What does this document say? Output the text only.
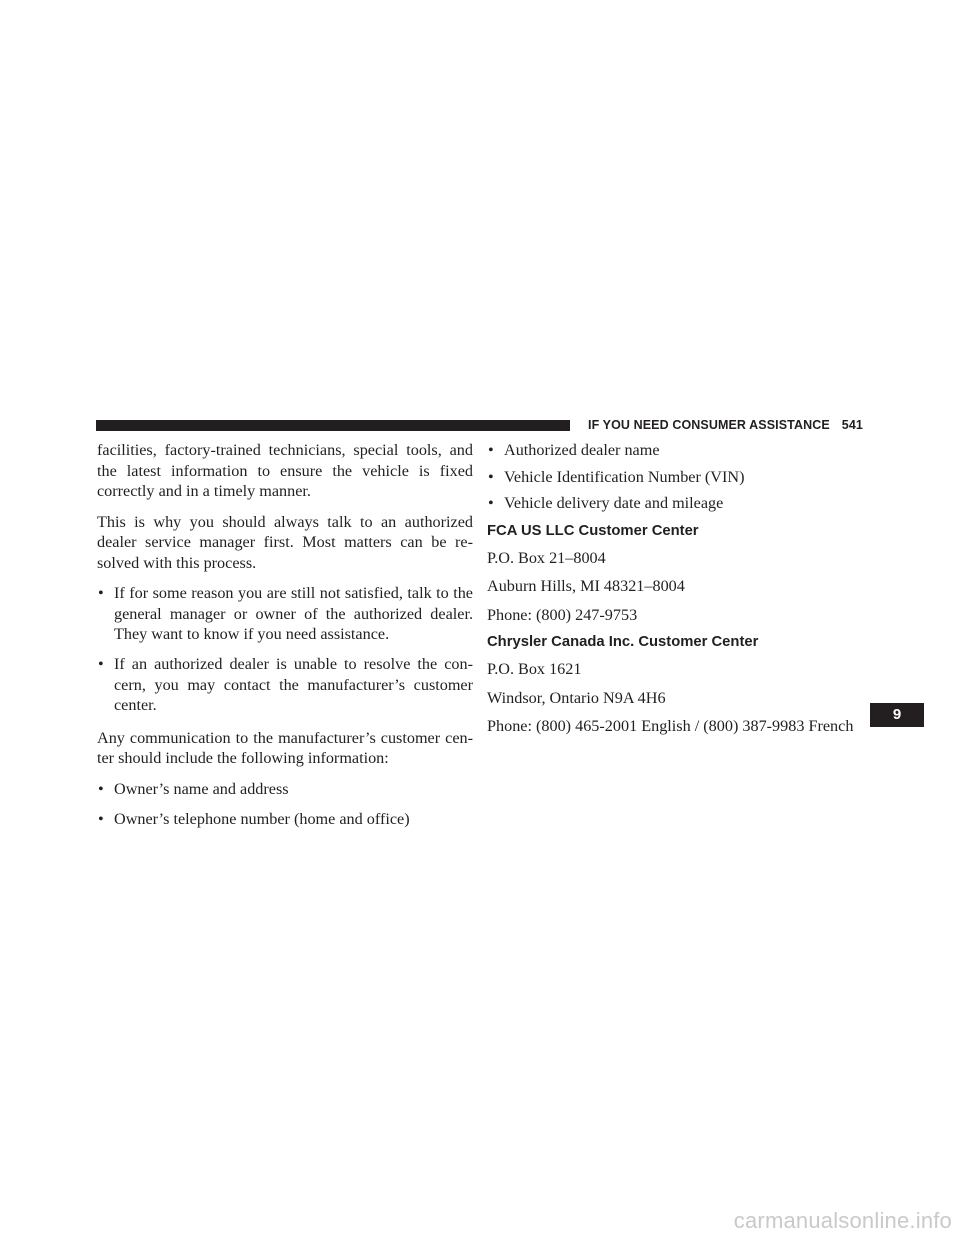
IF YOU NEED CONSUMER ASSISTANCE 541

facilities, factory-trained technicians, special tools, and the latest information to ensure the vehicle is fixed correctly and in a timely manner.

This is why you should always talk to an authorized dealer service manager first. Most matters can be re-solved with this process.

• If for some reason you are still not satisfied, talk to the general manager or owner of the authorized dealer. They want to know if you need assistance.
• If an authorized dealer is unable to resolve the con-cern, you may contact the manufacturer’s customer center.

Any communication to the manufacturer’s customer cen-ter should include the following information:

• Owner’s name and address
• Owner’s telephone number (home and office)
• Authorized dealer name
• Vehicle Identification Number (VIN)
• Vehicle delivery date and mileage
FCA US LLC Customer Center

P.O. Box 21–8004

Auburn Hills, MI 48321–8004

Phone: (800) 247-9753

Chrysler Canada Inc. Customer Center

P.O. Box 1621

Windsor, Ontario N9A 4H6

Phone: (800) 465-2001 English / (800) 387-9983 French

9
carmanualsonline.info
